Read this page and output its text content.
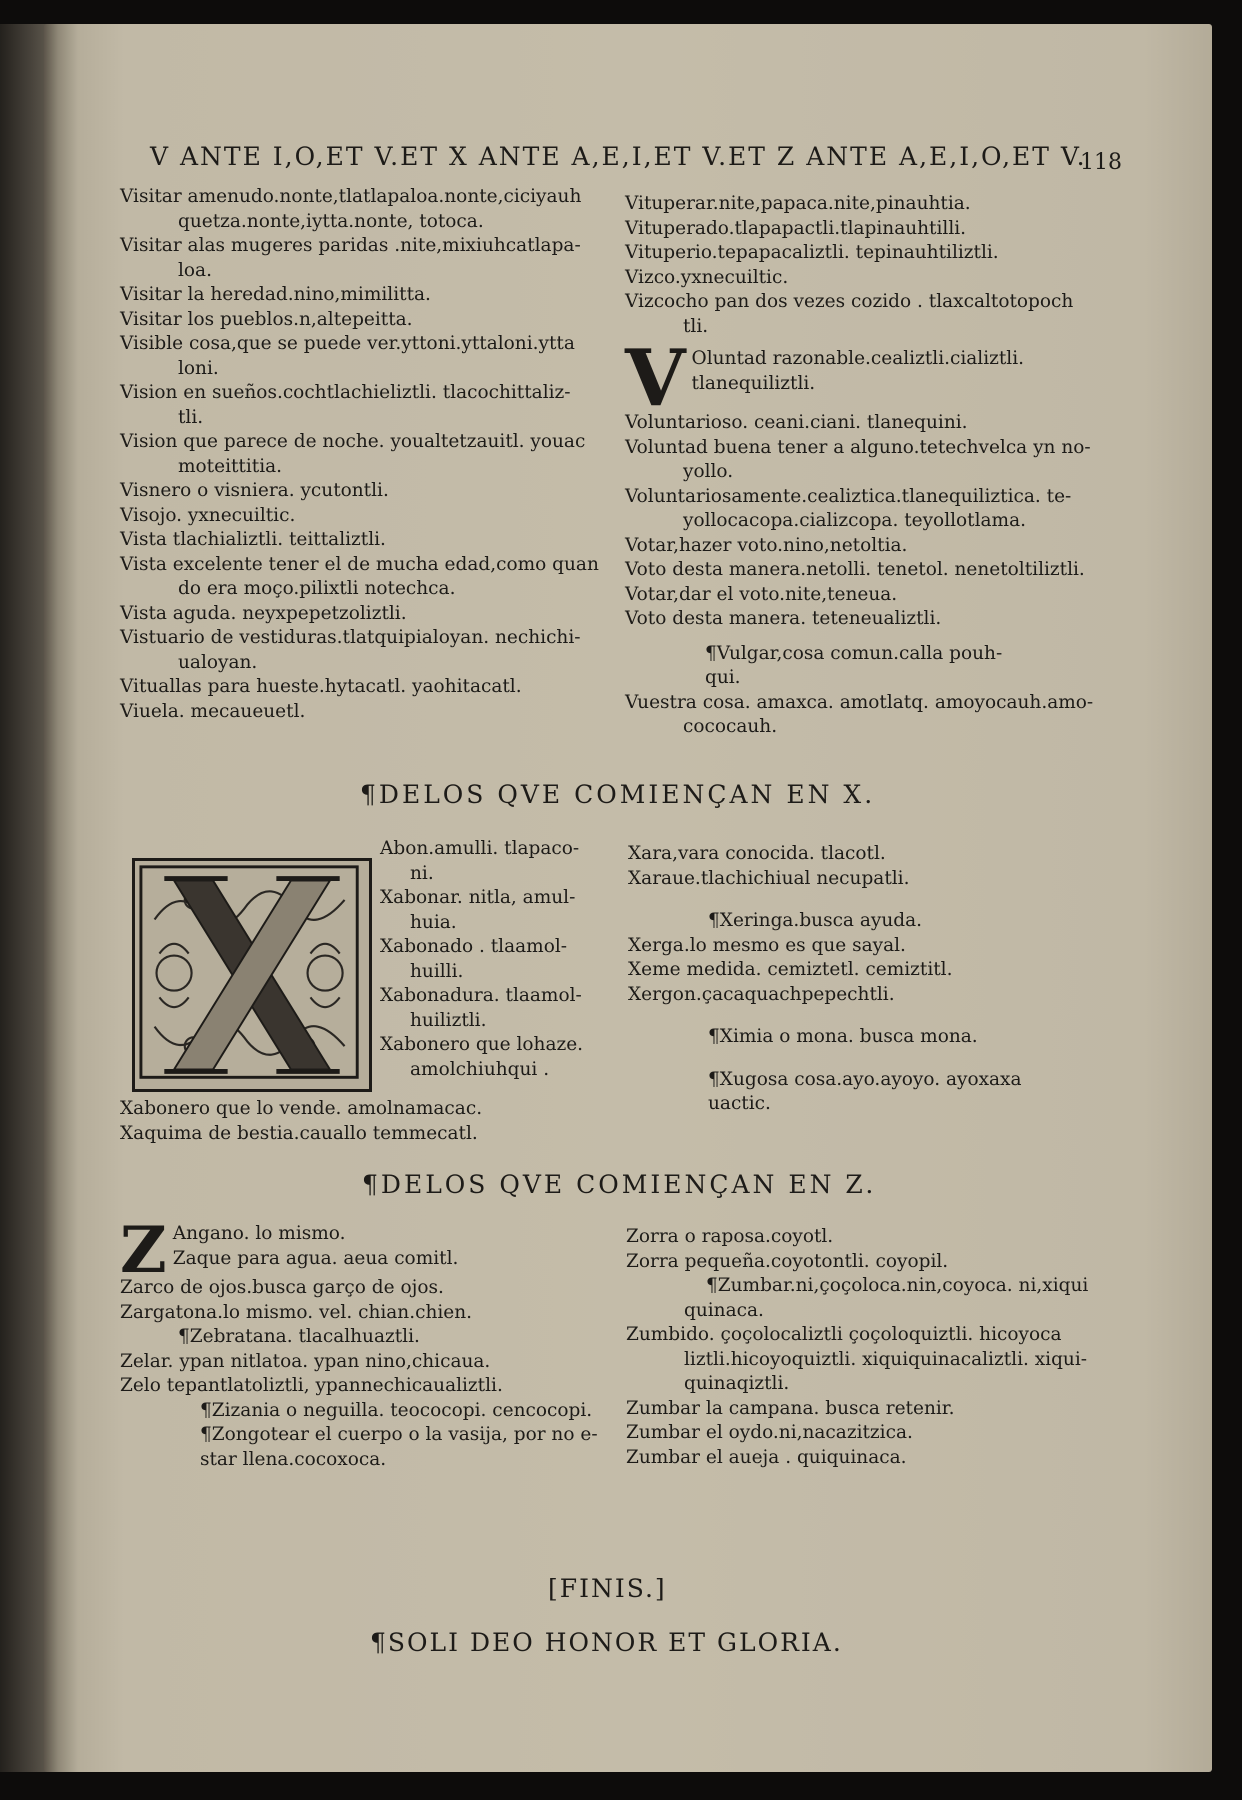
V ANTE I,O,ET V.ET X ANTE A,E,I,ET V.ET Z ANTE A,E,I,O,ET V.
118

Visitar amenudo.nonte,tlatlapaloa.nonte,ciciyauh

quetza.nonte,iytta.nonte, totoca.

Visitar alas mugeres paridas .nite,mixiuhcatlapa-

loa.

Visitar la heredad.nino,mimilitta.

Visitar los pueblos.n,altepeitta.

Visible cosa,que se puede ver.yttoni.yttaloni.ytta

loni.

Vision en sueños.cochtlachieliztli. tlacochittaliz-

tli.

Vision que parece de noche. youaltetzauitl. youac

moteittitia.

Visnero o visniera. ycutontli.

Visojo. yxnecuiltic.

Vista tlachializtli. teittaliztli.

Vista excelente tener el de mucha edad,como quan

do era moço.pilixtli notechca.

Vista aguda. neyxpepetzoliztli.

Vistuario de vestiduras.tlatquipialoyan. nechichi-

ualoyan.

Vituallas para hueste.hytacatl. yaohitacatl.

Viuela. mecaueuetl.

Vituperar.nite,papaca.nite,pinauhtia.

Vituperado.tlapapactli.tlapinauhtilli.

Vituperio.tepapacaliztli. tepinauhtiliztli.

Vizco.yxnecuiltic.

Vizcocho pan dos vezes cozido . tlaxcaltotopoch

tli.

V Oluntad razonable.cealiztli.cializtli.

tlanequiliztli.

Voluntarioso. ceani.ciani. tlanequini.

Voluntad buena tener a alguno.tetechvelca yn no-

yollo.

Voluntariosamente.cealiztica.tlanequiliztica. te-

yollocacopa.cializcopa. teyollotlama.

Votar,hazer voto.nino,netoltia.

Voto desta manera.netolli. tenetol. nenetoltiliztli.

Votar,dar el voto.nite,teneua.

Voto desta manera. teteneualiztli.

¶Vulgar,cosa comun.calla pouh-

qui.

Vuestra cosa. amaxca. amotlatq. amoyocauh.amo-

cococauh.

¶DELOS QVE COMIENÇAN EN X.

Abon.amulli. tlapaco-

ni.

Xabonar. nitla, amul-

huia.

Xabonado . tlaamol-

huilli.

Xabonadura. tlaamol-

huiliztli.

Xabonero que lohaze.

amolchiuhqui .

Xabonero que lo vende. amolnamacac.

Xaquima de bestia.cauallo temmecatl.

Xara,vara conocida. tlacotl.

Xaraue.tlachichiual necupatli.

¶Xeringa.busca ayuda.

Xerga.lo mesmo es que sayal.

Xeme medida. cemiztetl. cemiztitl.

Xergon.çacaquachpepechtli.

¶Ximia o mona. busca mona.

¶Xugosa cosa.ayo.ayoyo. ayoxaxa

uactic.

¶DELOS QVE COMIENÇAN EN Z.
Z Angano. lo mismo.

Zaque para agua. aeua comitl.

Zarco de ojos.busca garço de ojos.

Zargatona.lo mismo. vel. chian.chien.

¶Zebratana. tlacalhuaztli.

Zelar. ypan nitlatoa. ypan nino,chicaua.

Zelo tepantlatoliztli, ypannechicaualiztli.

¶Zizania o neguilla. teococopi. cencocopi.

¶Zongotear el cuerpo o la vasija, por no e-

star llena.cocoxoca.

Zorra o raposa.coyotl.

Zorra pequeña.coyotontli. coyopil.

¶Zumbar.ni,çoçoloca.nin,coyoca. ni,xiqui

quinaca.

Zumbido. çoçolocaliztli çoçoloquiztli. hicoyoca

liztli.hicoyoquiztli. xiquiquinacaliztli. xiqui-

quinaqiztli.

Zumbar la campana. busca retenir.

Zumbar el oydo.ni,nacazitzica.

Zumbar el aueja . quiquinaca.

[FINIS.]
¶SOLI DEO HONOR ET GLORIA.
